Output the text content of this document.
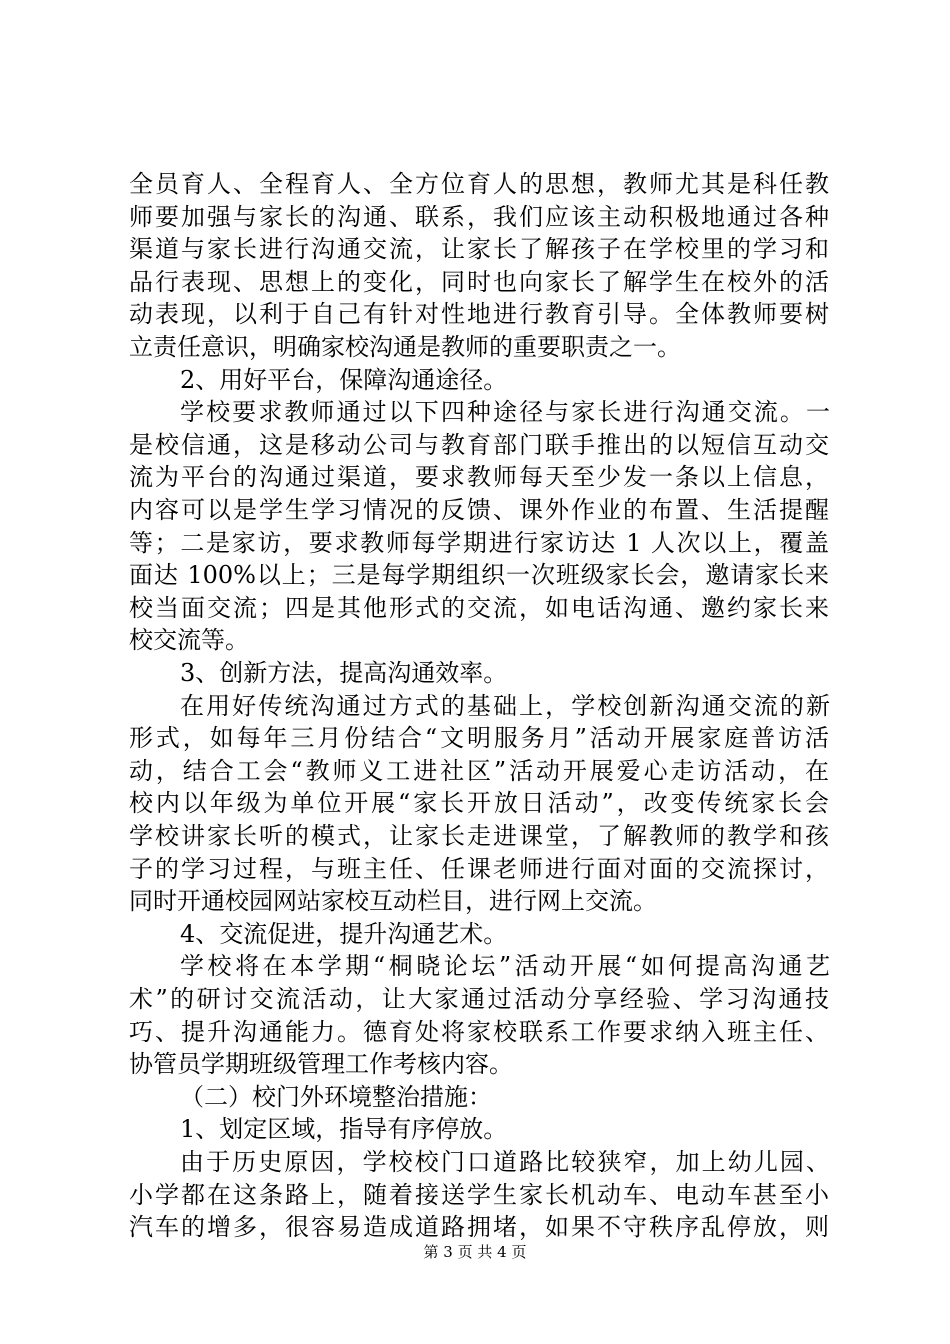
全员育人、全程育人、全方位育人的思想，教师尤其是科任教
师要加强与家长的沟通、联系，我们应该主动积极地通过各种
渠道与家长进行沟通交流，让家长了解孩子在学校里的学习和
品行表现、思想上的变化，同时也向家长了解学生在校外的活
动表现，以利于自己有针对性地进行教育引导。全体教师要树
立责任意识，明确家校沟通是教师的重要职责之一。
2、用好平台，保障沟通途径。
学校要求教师通过以下四种途径与家长进行沟通交流。一
是校信通，这是移动公司与教育部门联手推出的以短信互动交
流为平台的沟通过渠道，要求教师每天至少发一条以上信息，
内容可以是学生学习情况的反馈、课外作业的布置、生活提醒
等；二是家访，要求教师每学期进行家访达 1 人次以上，覆盖
面达 100%以上；三是每学期组织一次班级家长会，邀请家长来
校当面交流；四是其他形式的交流，如电话沟通、邀约家长来
校交流等。
3、创新方法，提高沟通效率。
在用好传统沟通过方式的基础上，学校创新沟通交流的新
形式，如每年三月份结合“文明服务月”活动开展家庭普访活
动，结合工会“教师义工进社区”活动开展爱心走访活动，在
校内以年级为单位开展“家长开放日活动”，改变传统家长会
学校讲家长听的模式，让家长走进课堂，了解教师的教学和孩
子的学习过程，与班主任、任课老师进行面对面的交流探讨，
同时开通校园网站家校互动栏目，进行网上交流。
4、交流促进，提升沟通艺术。
学校将在本学期“桐晓论坛”活动开展“如何提高沟通艺
术”的研讨交流活动，让大家通过活动分享经验、学习沟通技
巧、提升沟通能力。德育处将家校联系工作要求纳入班主任、
协管员学期班级管理工作考核内容。
（二）校门外环境整治措施：
1、划定区域，指导有序停放。
由于历史原因，学校校门口道路比较狭窄，加上幼儿园、
小学都在这条路上，随着接送学生家长机动车、电动车甚至小
汽车的增多，很容易造成道路拥堵，如果不守秩序乱停放，则
第 3 页 共 4 页
